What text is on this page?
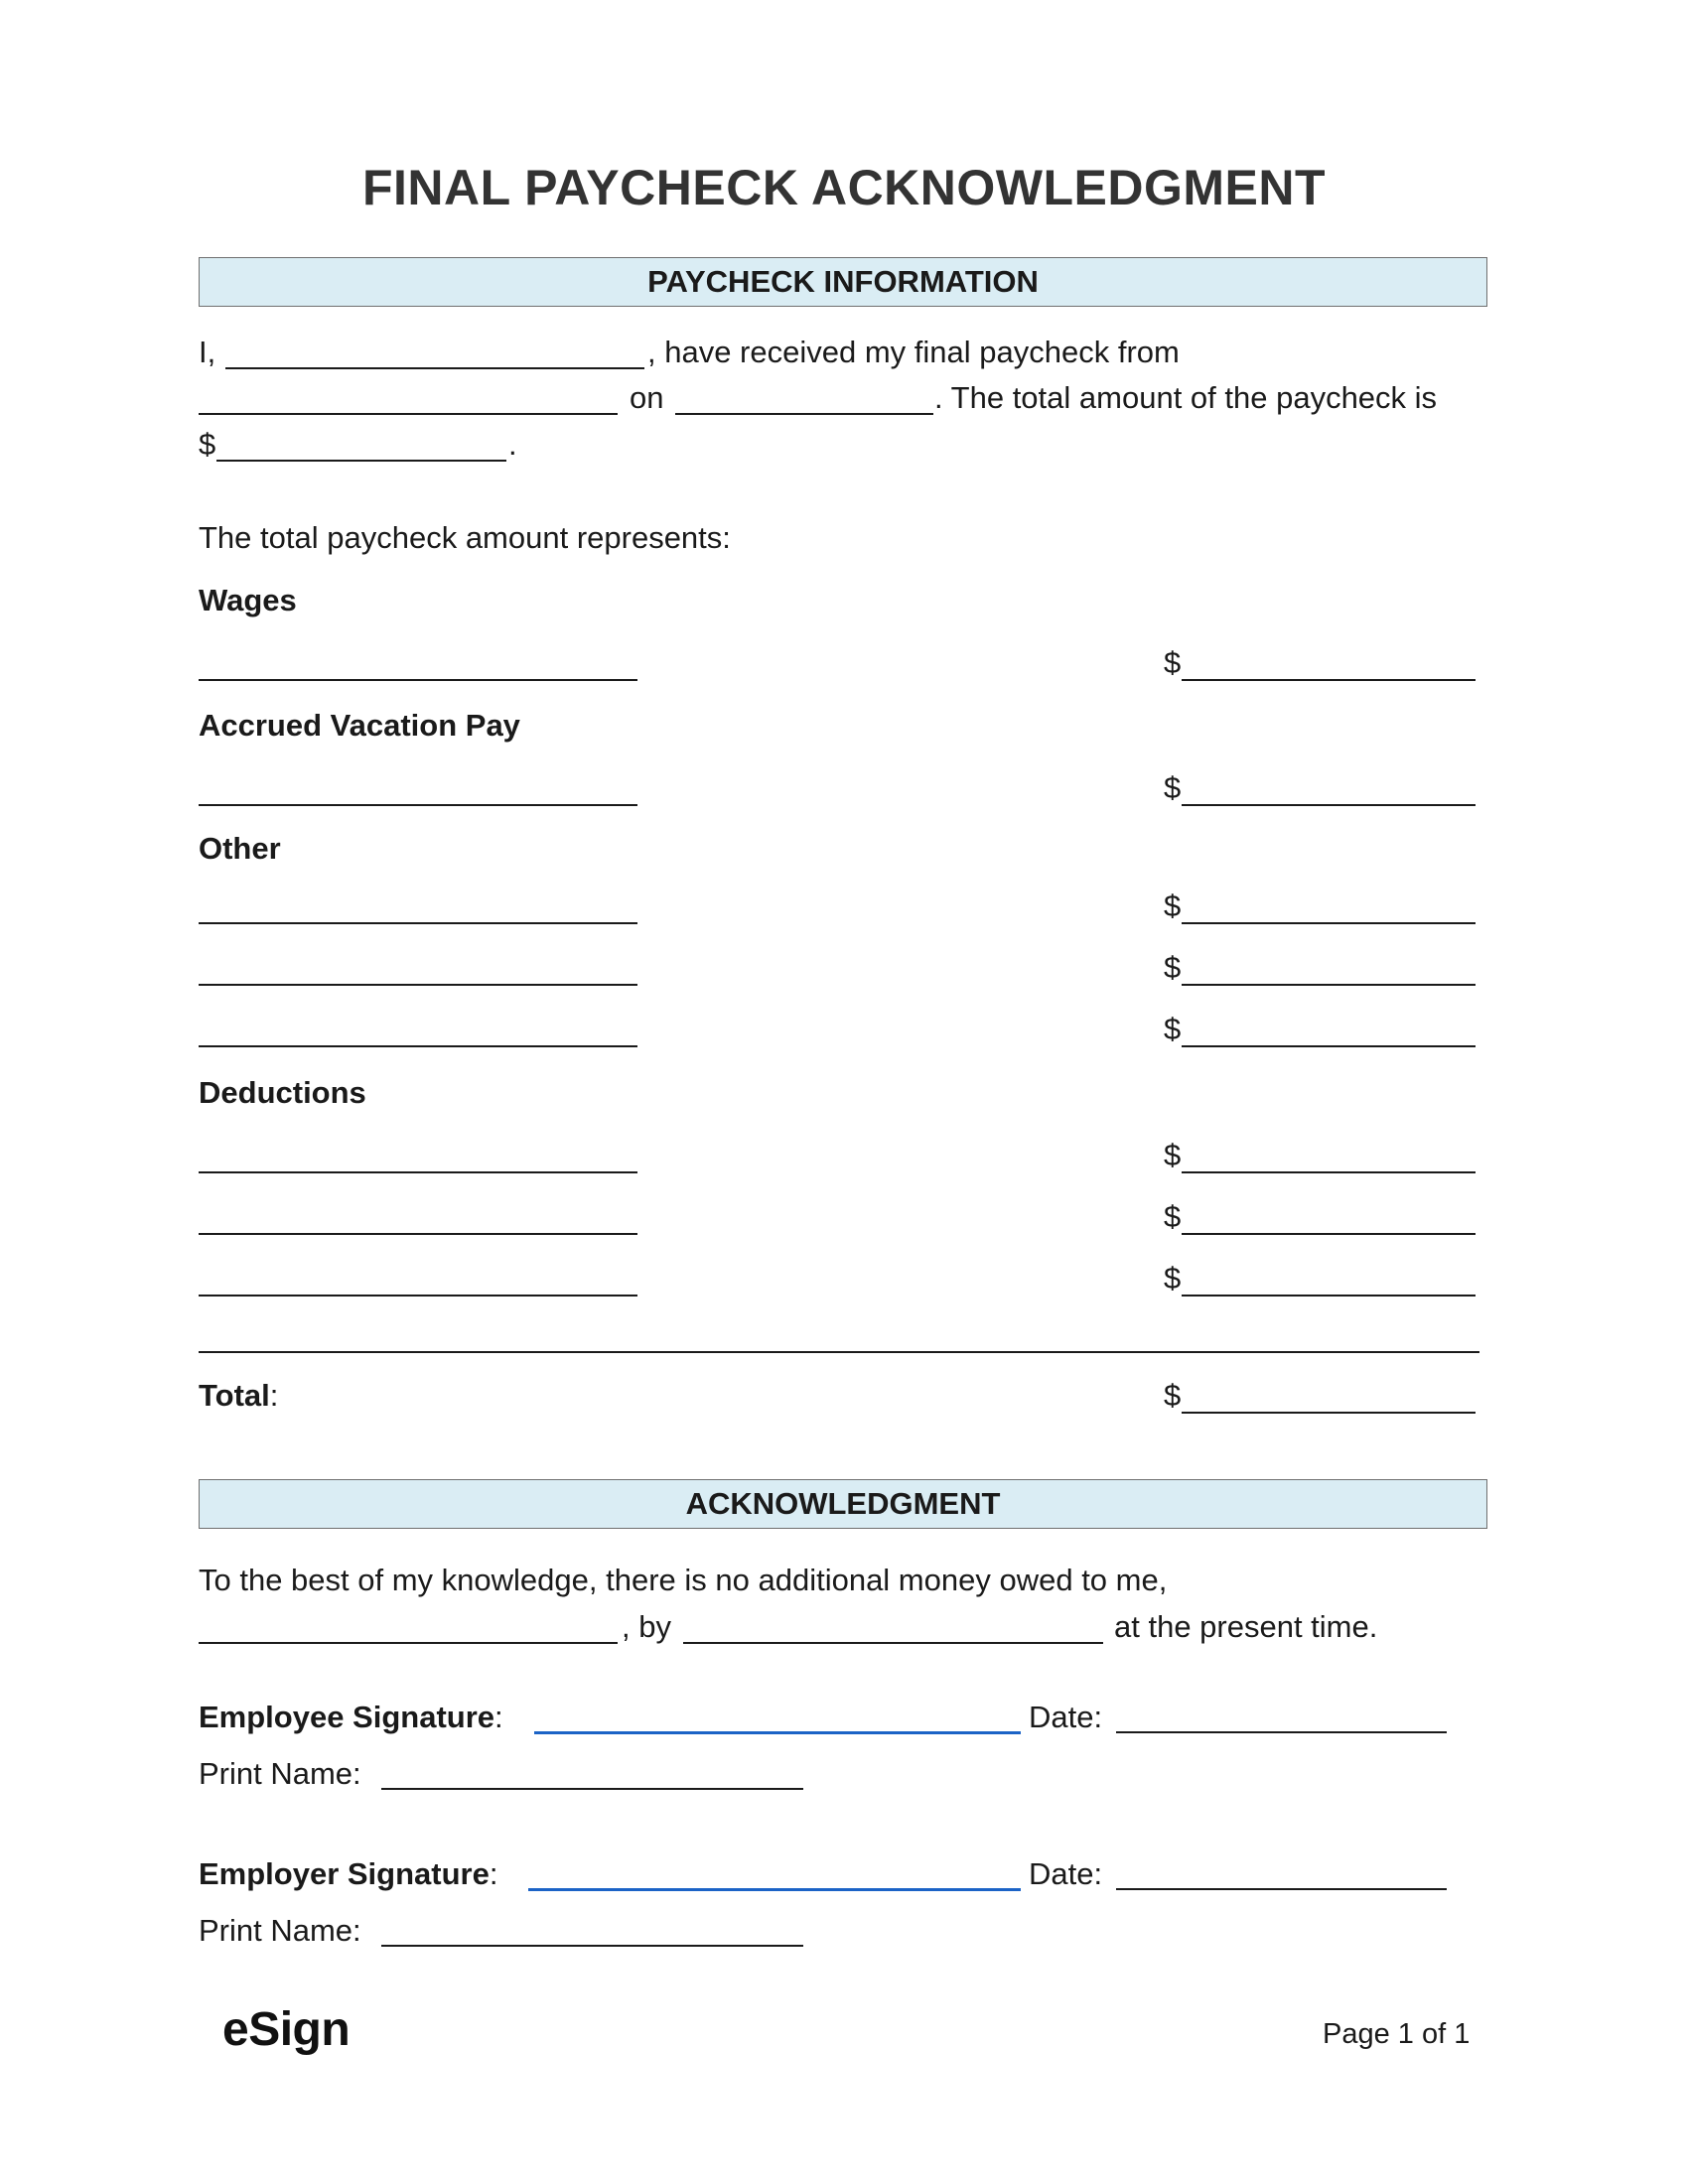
FINAL PAYCHECK ACKNOWLEDGMENT
PAYCHECK INFORMATION
I,	, have received my final paycheck from
on	. The total amount of the paycheck is
$	.
The total paycheck amount represents:
Wages
$
Accrued Vacation Pay
$
Other
$
$
$
Deductions
$
$
$
Total:	$
ACKNOWLEDGMENT
To the best of my knowledge, there is no additional money owed to me,
, by	at the present time.
Employee Signature:	Date:
Print Name:
Employer Signature:	Date:
Print Name:
eSign	Page 1 of 1
